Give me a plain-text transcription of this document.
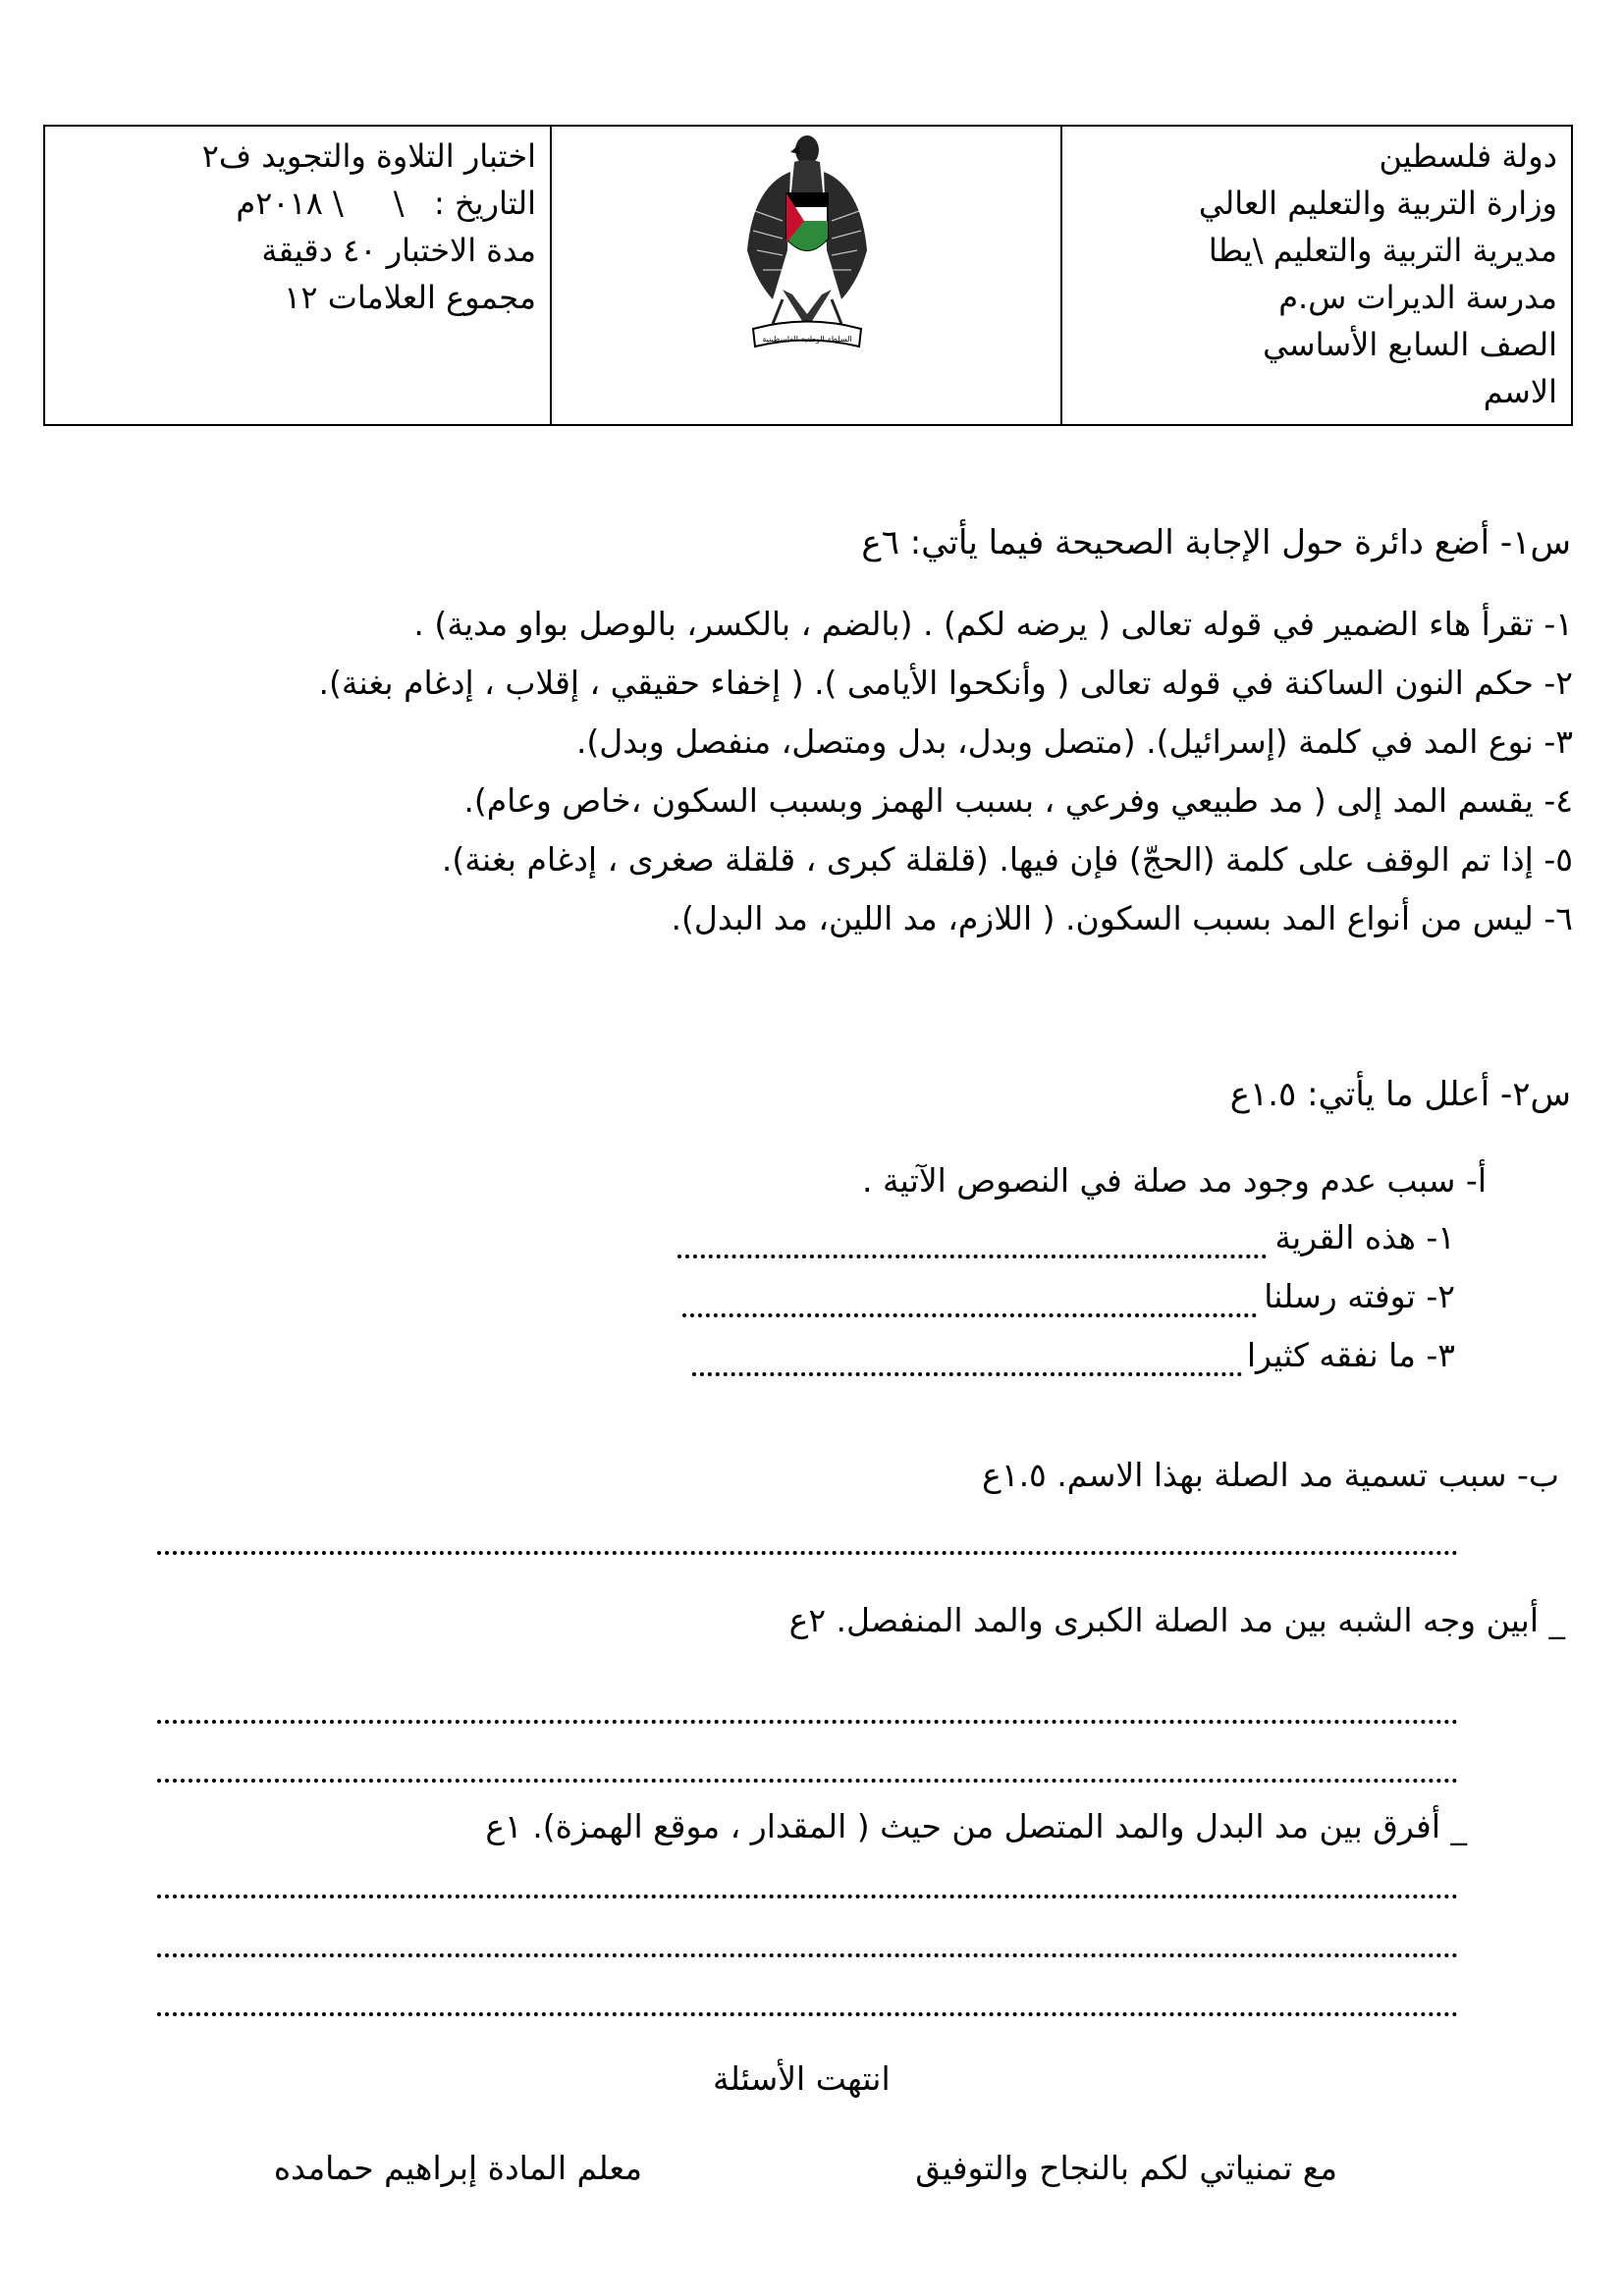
دولة فلسطين
وزارة التربية والتعليم العالي
مديرية التربية والتعليم \يطا
مدرسة الديرات س.م
الصف السابع الأساسي
الاسم
السلطة الوطنية الفلسطينية
اختبار التلاوة والتجويد ف٢
التاريخ :   \     \ ٢٠١٨م
مدة الاختبار ٤٠ دقيقة
مجموع العلامات ١٢
س١- أضع دائرة حول الإجابة الصحيحة فيما يأتي: ٦ع
١- تقرأ هاء الضمير في قوله تعالى ( يرضه لكم) . (بالضم ، بالكسر، بالوصل بواو مدية) .
٢- حكم النون الساكنة في قوله تعالى ( وأنكحوا الأيامى ). ( إخفاء حقيقي ، إقلاب ، إدغام بغنة).
٣- نوع المد في كلمة (إسرائيل). (متصل وبدل، بدل ومتصل، منفصل وبدل).
٤- يقسم المد إلى ( مد طبيعي وفرعي ، بسبب الهمز وبسبب السكون ،خاص وعام).
٥- إذا تم الوقف على كلمة (الحجّ) فإن فيها. (قلقلة كبرى ، قلقلة صغرى ، إدغام بغنة).
٦- ليس من أنواع المد بسبب السكون. ( اللازم، مد اللين، مد البدل).
س٢- أعلل ما يأتي: ١.٥ع
أ- سبب عدم وجود مد صلة في النصوص الآتية .
١- هذه القرية
٢- توفته رسلنا
٣- ما نفقه كثيرا
ب- سبب تسمية مد الصلة بهذا الاسم. ١.٥ع
_ أبين وجه الشبه بين مد الصلة الكبرى والمد المنفصل. ٢ع
_ أفرق بين مد البدل والمد المتصل من حيث ( المقدار ، موقع الهمزة). ١ع
انتهت الأسئلة
مع تمنياتي لكم بالنجاح والتوفيق
معلم المادة إبراهيم حمامده
